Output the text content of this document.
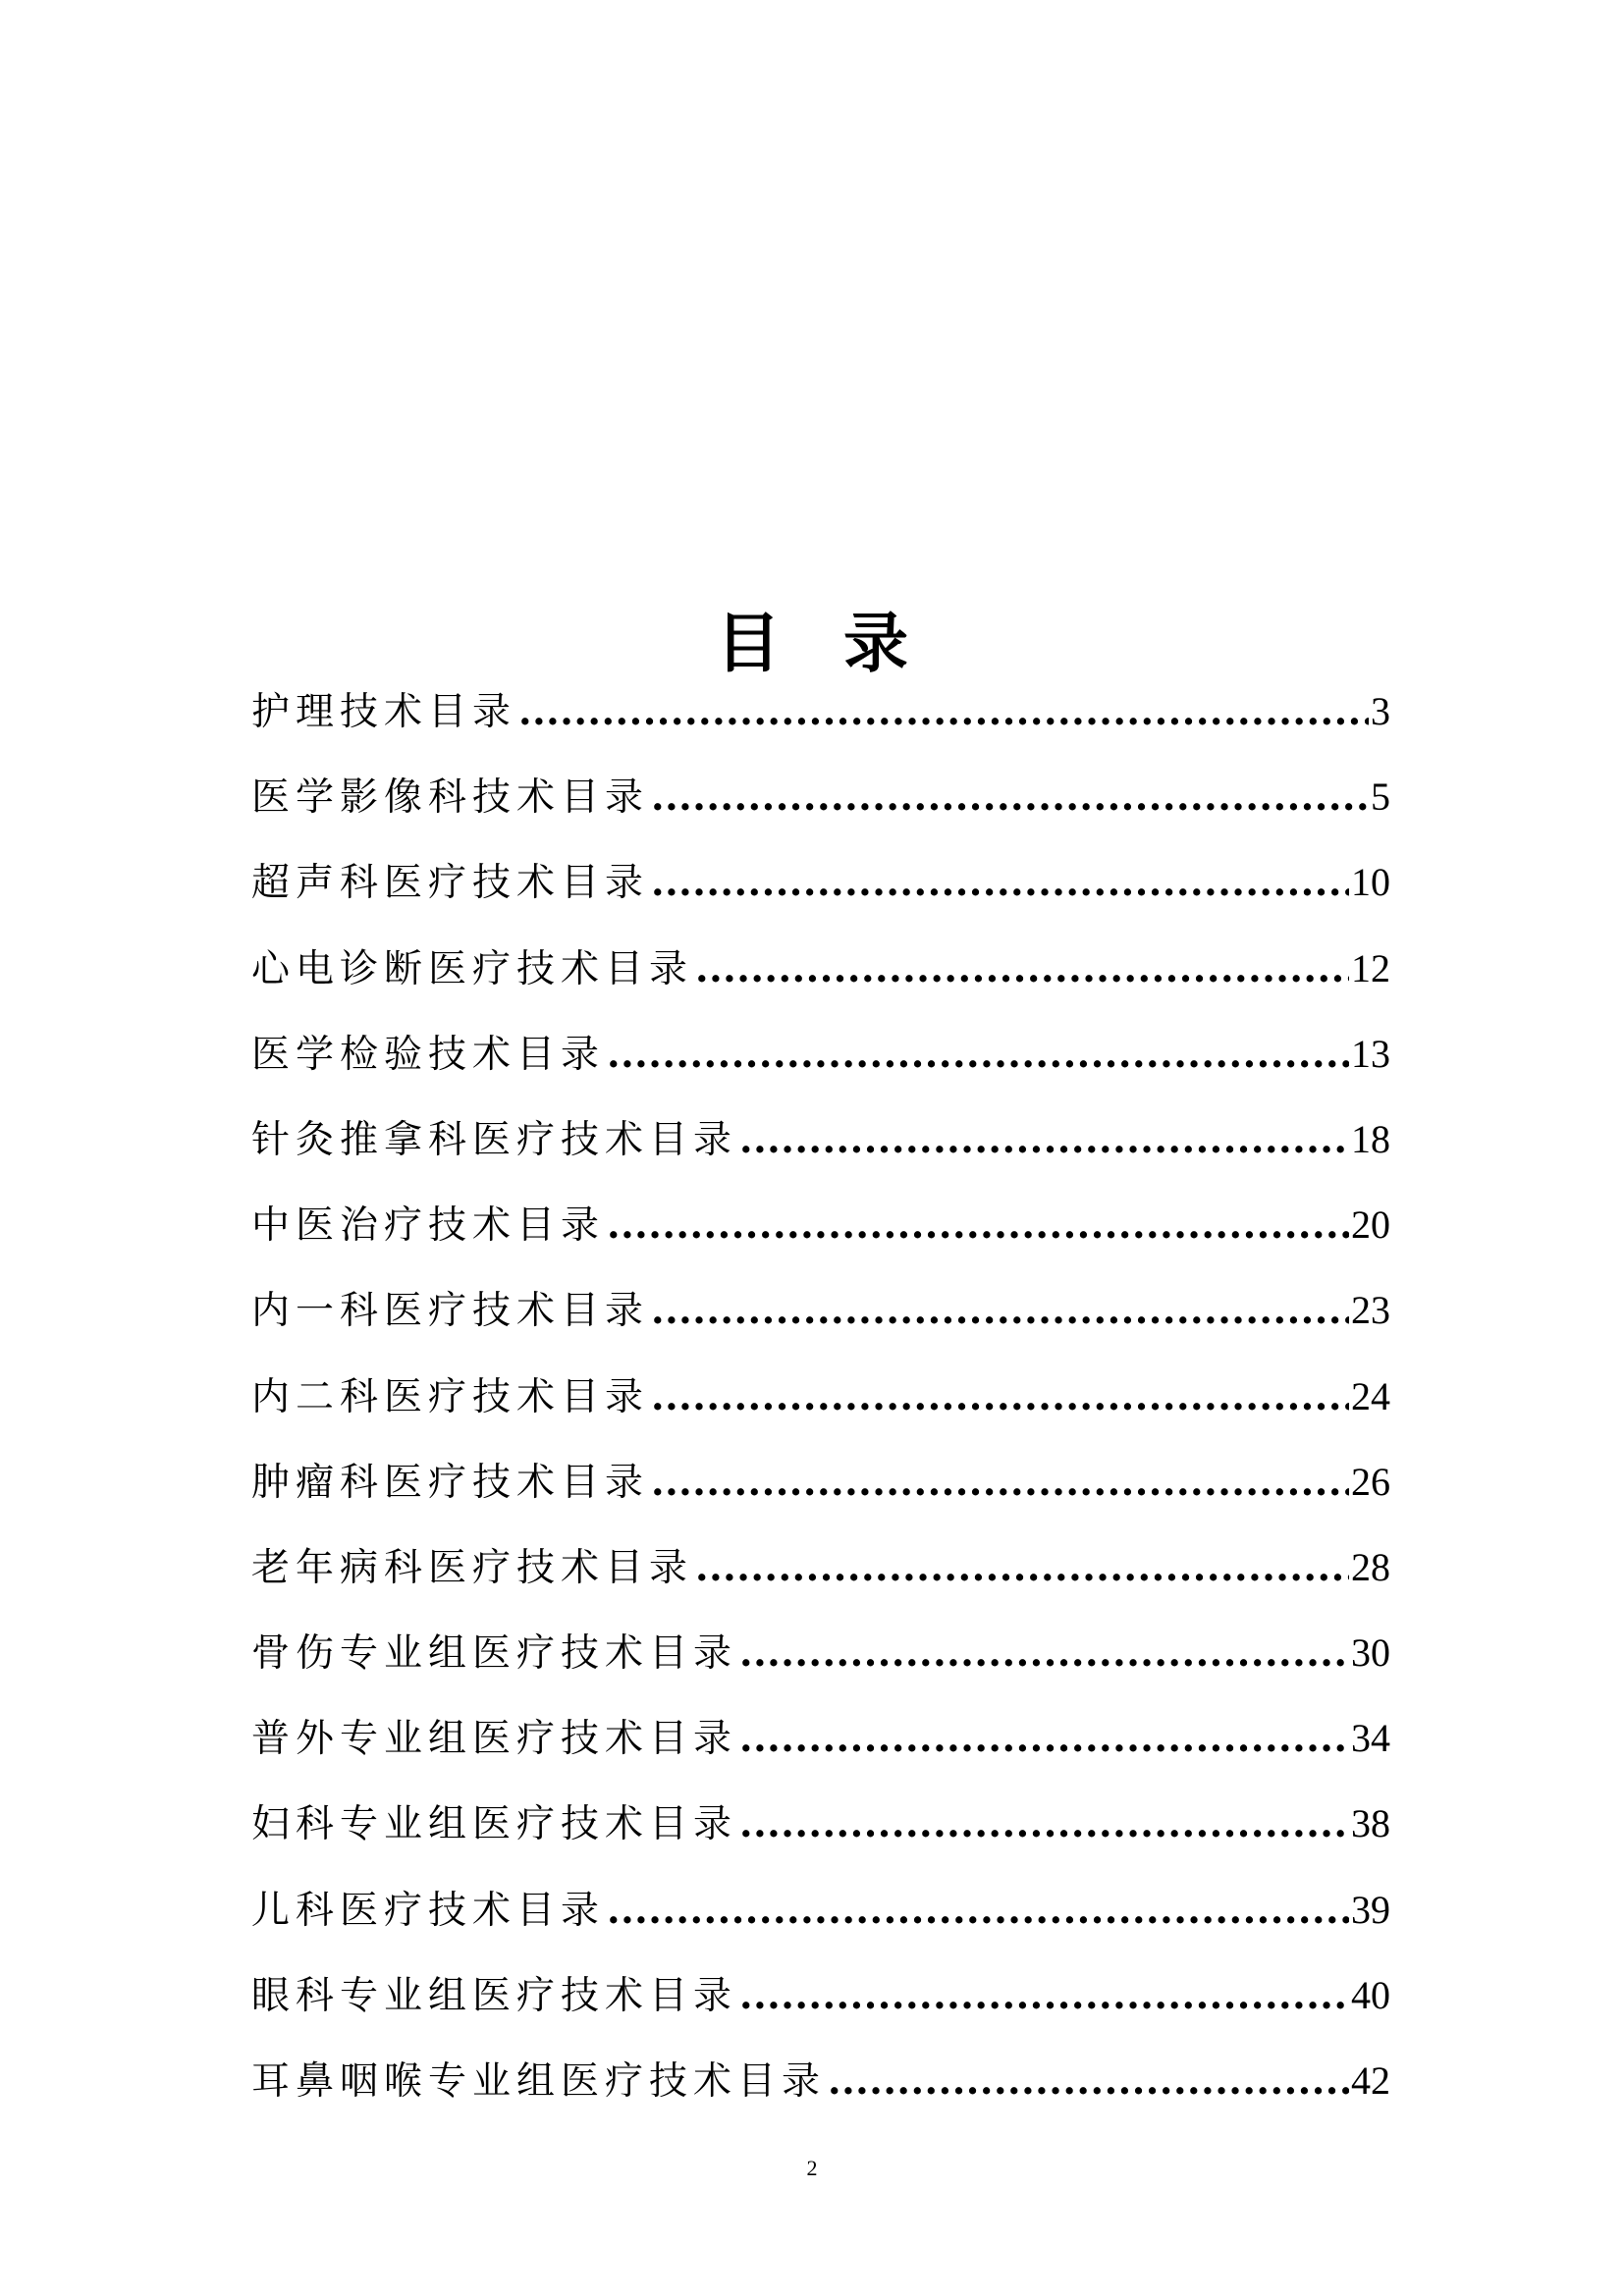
目录
护理技术目录 .....	3
医学影像科技术目录 .....	5
超声科医疗技术目录 .....	10
心电诊断医疗技术目录 .....	12
医学检验技术目录 .....	13
针灸推拿科医疗技术目录 .....	18
中医治疗技术目录 .....	20
内一科医疗技术目录 .....	23
内二科医疗技术目录 .....	24
肿瘤科医疗技术目录 .....	26
老年病科医疗技术目录 .....	28
骨伤专业组医疗技术目录 .....	30
普外专业组医疗技术目录 .....	34
妇科专业组医疗技术目录 .....	38
儿科医疗技术目录 .....	39
眼科专业组医疗技术目录 .....	40
耳鼻咽喉专业组医疗技术目录 .....	42
2
